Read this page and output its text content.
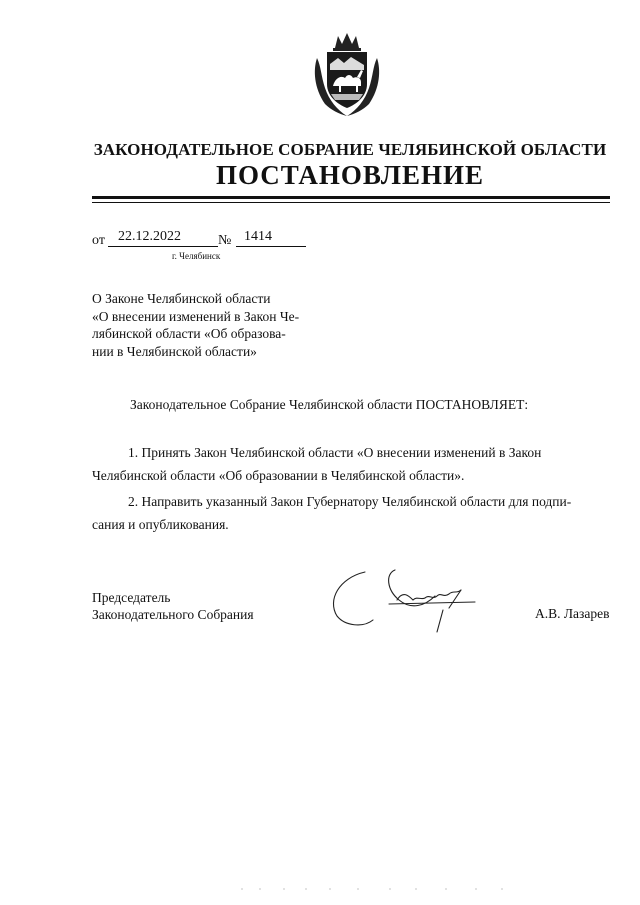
ЗАКОНОДАТЕЛЬНОЕ СОБРАНИЕ ЧЕЛЯБИНСКОЙ ОБЛАСТИ
ПОСТАНОВЛЕНИЕ
от 22.12.2022	№ 1414
г. Челябинск
О Законе Челябинской области
«О внесении изменений в Закон Че-
лябинской области «Об образова-
нии в Челябинской области»
Законодательное Собрание Челябинской области ПОСТАНОВЛЯЕТ:
1. Принять Закон Челябинской области «О внесении изменений в Закон
Челябинской области «Об образовании в Челябинской области».
2. Направить указанный Закон Губернатору Челябинской области для подпи-
сания и опубликования.
Председатель
Законодательного Собрания	А.В. Лазарев
